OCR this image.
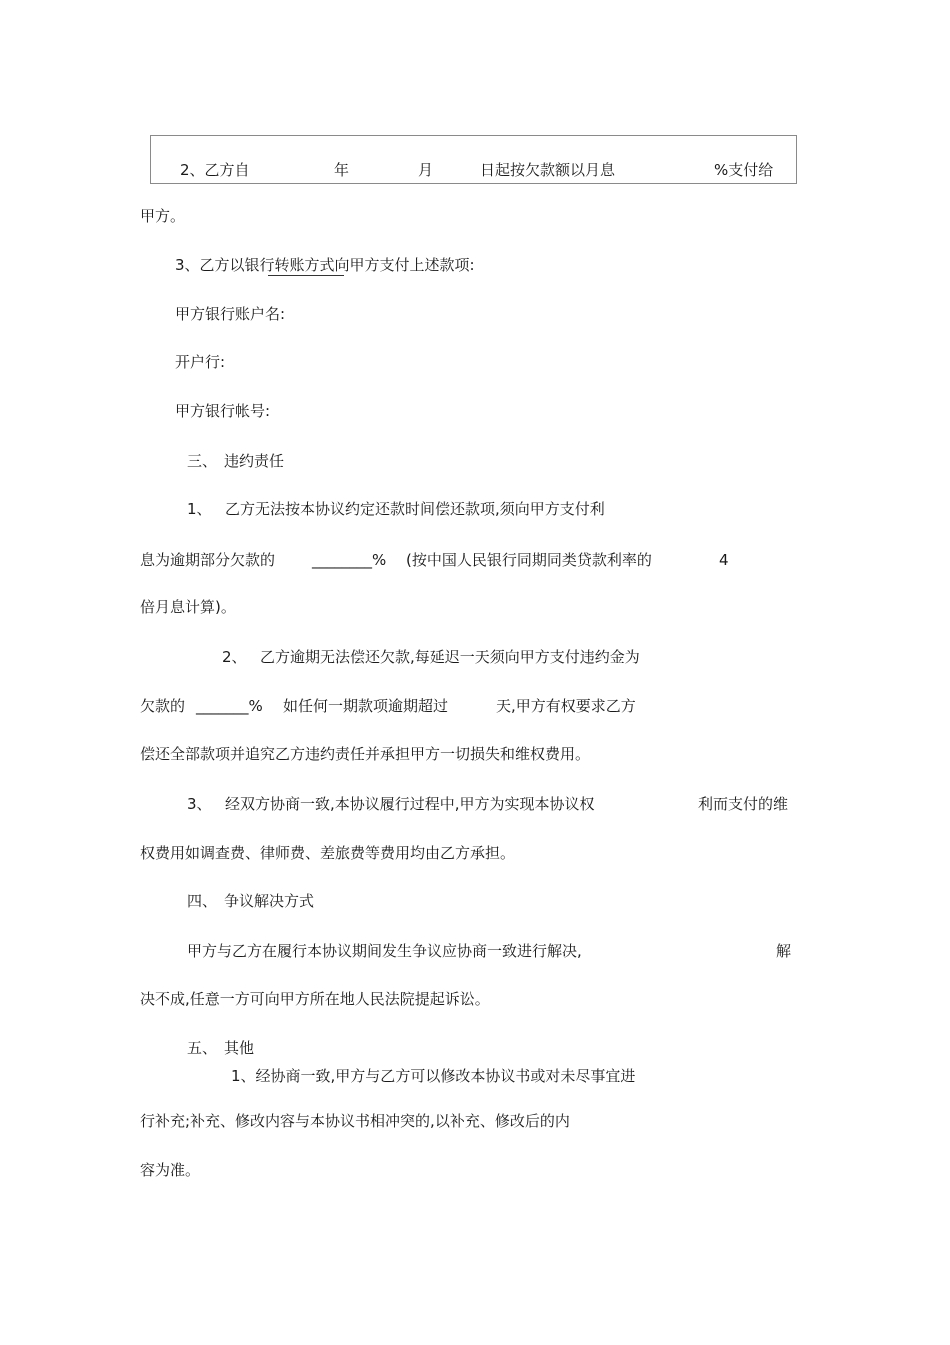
2、乙方自	年	月	日起按欠款额以月息	%支付给
甲方。
3、乙方以银行转账方式向甲方支付上述款项:
甲方银行账户名:
开户行:
甲方银行帐号:
三、 违约责任
1、 乙方无法按本协议约定还款时间偿还款项,须向甲方支付利
息为逾期部分欠款的 ________% (按中国人民银行同期同类贷款利率的	4
倍月息计算)。
2、 乙方逾期无法偿还欠款,每延迟一天须向甲方支付违约金为
欠款的 _______% 如任何一期款项逾期超过	天,甲方有权要求乙方
偿还全部款项并追究乙方违约责任并承担甲方一切损失和维权费用。
3、 经双方协商一致,本协议履行过程中,甲方为实现本协议权	利而支付的维
权费用如调查费、律师费、差旅费等费用均由乙方承担。
四、 争议解决方式
甲方与乙方在履行本协议期间发生争议应协商一致进行解决,	解
决不成,任意一方可向甲方所在地人民法院提起诉讼。
五、 其他
1、经协商一致,甲方与乙方可以修改本协议书或对未尽事宜进
行补充;补充、修改内容与本协议书相冲突的,以补充、修改后的内
容为准。
